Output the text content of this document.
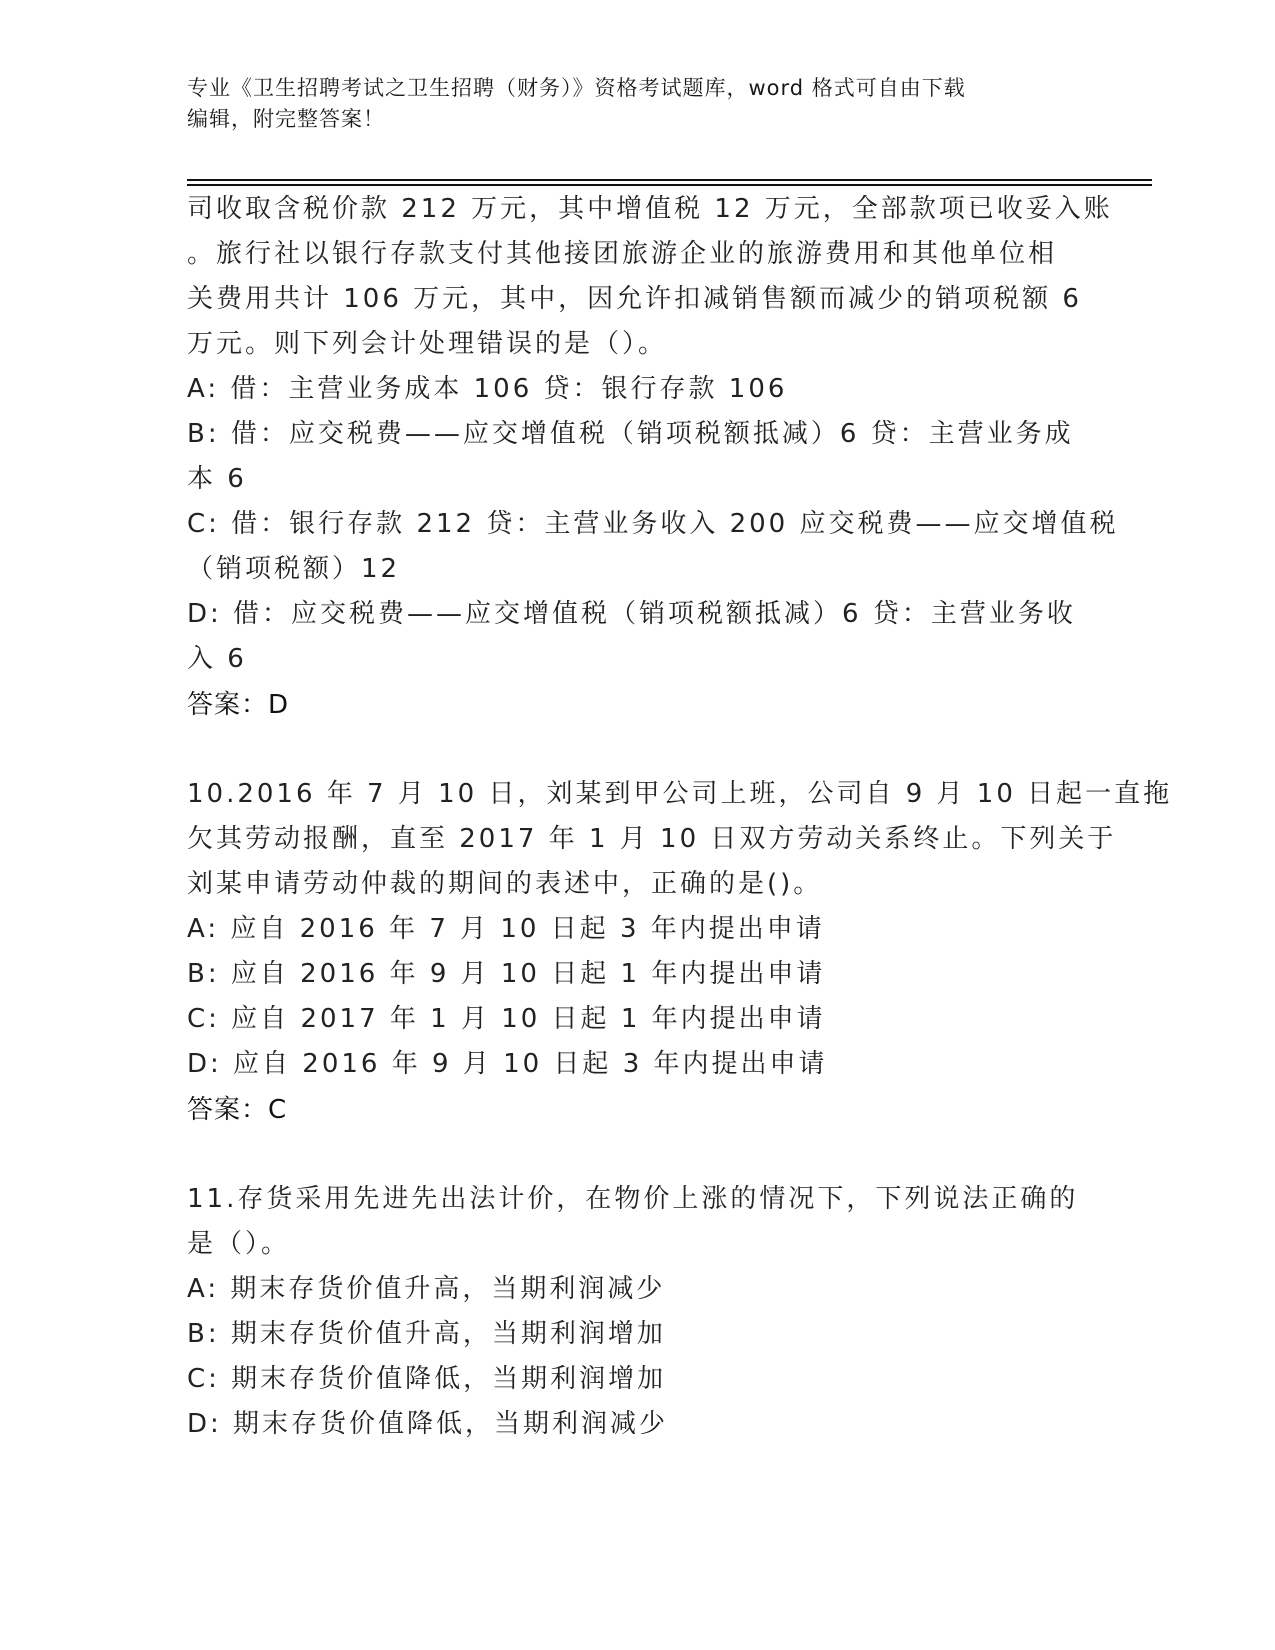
专业《卫生招聘考试之卫生招聘（财务）》资格考试题库，word 格式可自由下载
编辑，附完整答案！
司收取含税价款 212 万元，其中增值税 12 万元，全部款项已收妥入账
。旅行社以银行存款支付其他接团旅游企业的旅游费用和其他单位相
关费用共计 106 万元，其中，因允许扣减销售额而减少的销项税额 6
万元。则下列会计处理错误的是（）。
A: 借：主营业务成本 106 贷：银行存款 106
B: 借：应交税费——应交增值税（销项税额抵减）6 贷：主营业务成
本 6
C: 借：银行存款 212 贷：主营业务收入 200 应交税费——应交增值税
（销项税额）12
D: 借：应交税费——应交增值税（销项税额抵减）6 贷：主营业务收
入 6
答案：D
10.2016 年 7 月 10 日，刘某到甲公司上班，公司自 9 月 10 日起一直拖
欠其劳动报酬，直至 2017 年 1 月 10 日双方劳动关系终止。下列关于
刘某申请劳动仲裁的期间的表述中，正确的是()。
A: 应自 2016 年 7 月 10 日起 3 年内提出申请
B: 应自 2016 年 9 月 10 日起 1 年内提出申请
C: 应自 2017 年 1 月 10 日起 1 年内提出申请
D: 应自 2016 年 9 月 10 日起 3 年内提出申请
答案：C
11.存货采用先进先出法计价，在物价上涨的情况下，下列说法正确的
是（）。
A: 期末存货价值升高，当期利润减少
B: 期末存货价值升高，当期利润增加
C: 期末存货价值降低，当期利润增加
D: 期末存货价值降低，当期利润减少
